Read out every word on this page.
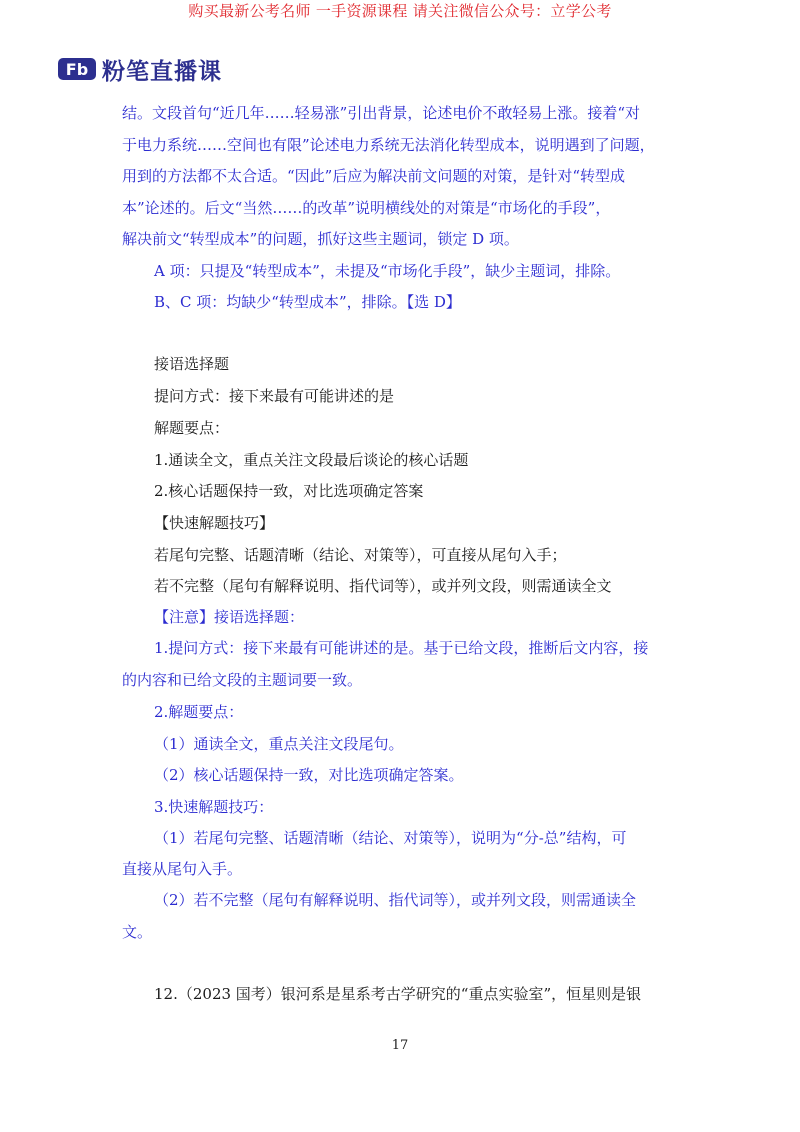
购买最新公考名师 一手资源课程 请关注微信公众号：立学公考
Fb 粉笔直播课
结。文段首句“近几年……轻易涨”引出背景，论述电价不敢轻易上涨。接着“对
于电力系统……空间也有限”论述电力系统无法消化转型成本，说明遇到了问题，
用到的方法都不太合适。“因此”后应为解决前文问题的对策，是针对“转型成
本”论述的。后文“当然……的改革”说明横线处的对策是“市场化的手段”，
解决前文“转型成本”的问题，抓好这些主题词，锁定 D 项。
A 项：只提及“转型成本”，未提及“市场化手段”，缺少主题词，排除。
B、C 项：均缺少“转型成本”，排除。【选 D】
接语选择题
提问方式：接下来最有可能讲述的是
解题要点：
1.通读全文，重点关注文段最后谈论的核心话题
2.核心话题保持一致，对比选项确定答案
【快速解题技巧】
若尾句完整、话题清晰（结论、对策等），可直接从尾句入手；
若不完整（尾句有解释说明、指代词等），或并列文段，则需通读全文
【注意】接语选择题：
1.提问方式：接下来最有可能讲述的是。基于已给文段，推断后文内容，接
的内容和已给文段的主题词要一致。
2.解题要点：
（1）通读全文，重点关注文段尾句。
（2）核心话题保持一致，对比选项确定答案。
3.快速解题技巧：
（1）若尾句完整、话题清晰（结论、对策等），说明为“分-总”结构，可
直接从尾句入手。
（2）若不完整（尾句有解释说明、指代词等），或并列文段，则需通读全
文。
12.（2023 国考）银河系是星系考古学研究的“重点实验室”，恒星则是银
17
